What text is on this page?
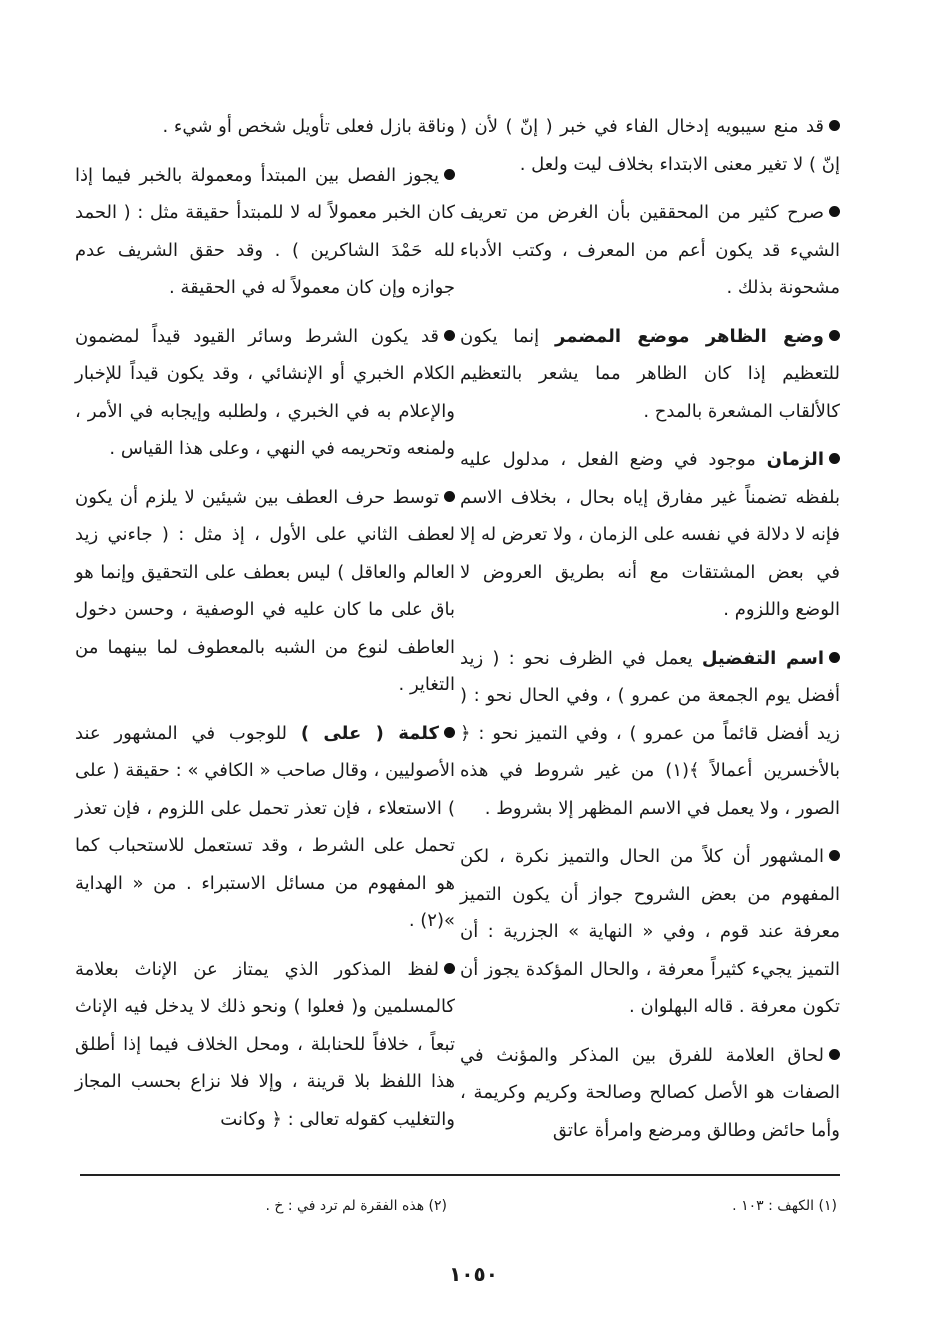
قد منع سيبويه إدخال الفاء في خبر ( إنّ ) لأن ( إنّ ) لا تغير معنى الابتداء بخلاف ليت ولعل .

صرح كثير من المحققين بأن الغرض من تعريف الشيء قد يكون أعم من المعرف ، وكتب الأدباء مشحونة بذلك .

وضع الظاهر موضع المضمر إنما يكون للتعظيم إذا كان الظاهر مما يشعر بالتعظيم كالألقاب المشعرة بالمدح .

الزمان موجود في وضع الفعل ، مدلول عليه بلفظه تضمناً غير مفارق إياه بحال ، بخلاف الاسم فإنه لا دلالة في نفسه على الزمان ، ولا تعرض له إلا في بعض المشتقات مع أنه بطريق العروض لا الوضع واللزوم .

اسم التفضيل يعمل في الظرف نحو : ( زيد أفضل يوم الجمعة من عمرو ) ، وفي الحال نحو : ( زيد أفضل قائماً من عمرو ) ، وفي التميز نحو : ﴿ بالأخسرين أعمالاً ﴾(١) من غير شروط في هذه الصور ، ولا يعمل في الاسم المظهر إلا بشروط .

المشهور أن كلاً من الحال والتميز نكرة ، لكن المفهوم من بعض الشروح جواز أن يكون التميز معرفة عند قوم ، وفي « النهاية » الجزرية : أن التميز يجيء كثيراً معرفة ، والحال المؤكدة يجوز أن تكون معرفة . قاله البهلوان .

لحاق العلامة للفرق بين المذكر والمؤنث في الصفات هو الأصل كصالح وصالحة وكريم وكريمة ، وأما حائض وطالق ومرضع وامرأة عاتق

وناقة بازل فعلى تأويل شخص أو شيء .

يجوز الفصل بين المبتدأ ومعمولة بالخبر فيما إذا كان الخبر معمولاً له لا للمبتدأ حقيقة مثل : ( الحمد لله حَمْدَ الشاكرين ) . وقد حقق الشريف عدم جوازه وإن كان معمولاً له في الحقيقة .

قد يكون الشرط وسائر القيود قيداً لمضمون الكلام الخبري أو الإنشائي ، وقد يكون قيداً للإخبار والإعلام به في الخبري ، ولطلبه وإيجابه في الأمر ، ولمنعه وتحريمه في النهي ، وعلى هذا القياس .

توسط حرف العطف بين شيئين لا يلزم أن يكون لعطف الثاني على الأول ، إذ مثل : ( جاءني زيد العالم والعاقل ) ليس بعطف على التحقيق وإنما هو باق على ما كان عليه في الوصفية ، وحسن دخول العاطف لنوع من الشبه بالمعطوف لما بينهما من التغاير .

كلمة ( على ) للوجوب في المشهور عند الأصوليين ، وقال صاحب « الكافي » : حقيقة ( على ) الاستعلاء ، فإن تعذر تحمل على اللزوم ، فإن تعذر تحمل على الشرط ، وقد تستعمل للاستحباب كما هو المفهوم من مسائل الاستبراء . من « الهداية »(٢) .

لفظ المذكور الذي يمتاز عن الإناث بعلامة كالمسلمين و( فعلوا ) ونحو ذلك لا يدخل فيه الإناث تبعاً ، خلافاً للحنابلة ، ومحل الخلاف فيما إذا أطلق هذا اللفظ بلا قرينة ، وإلا فلا نزاع بحسب المجاز والتغليب كقوله تعالى : ﴿ وكانت

(١) الكهف : ١٠٣ .
(٢) هذه الفقرة لم ترد في : خ .
١٠٥٠
